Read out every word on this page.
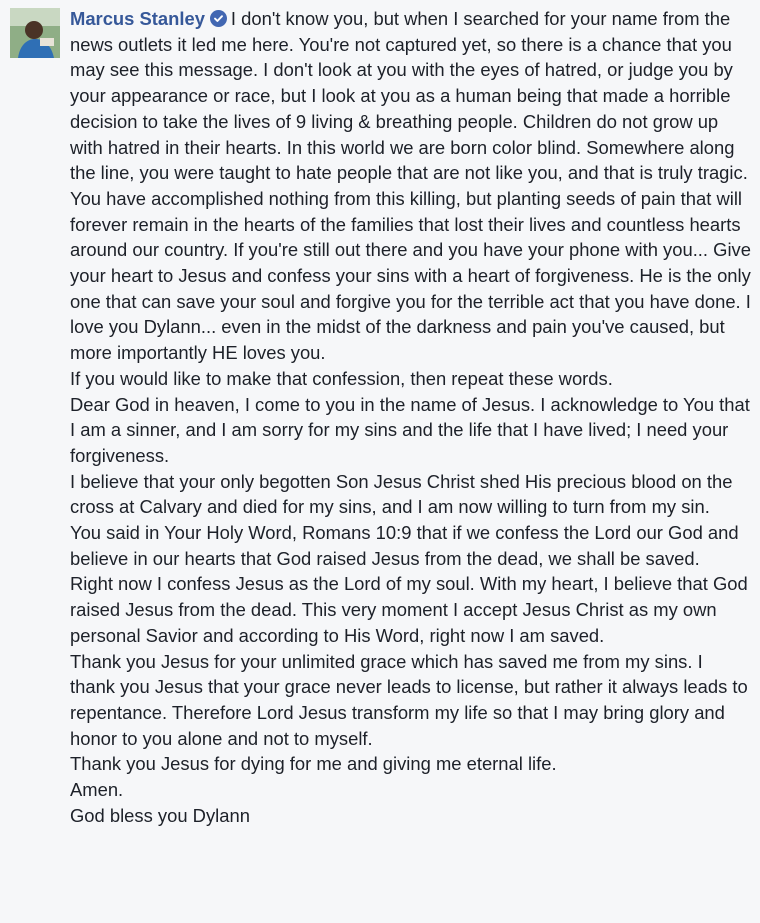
Marcus Stanley I don't know you, but when I searched for your name from the news outlets it led me here. You're not captured yet, so there is a chance that you may see this message. I don't look at you with the eyes of hatred, or judge you by your appearance or race, but I look at you as a human being that made a horrible decision to take the lives of 9 living & breathing people. Children do not grow up with hatred in their hearts. In this world we are born color blind. Somewhere along the line, you were taught to hate people that are not like you, and that is truly tragic. You have accomplished nothing from this killing, but planting seeds of pain that will forever remain in the hearts of the families that lost their lives and countless hearts around our country. If you're still out there and you have your phone with you... Give your heart to Jesus and confess your sins with a heart of forgiveness. He is the only one that can save your soul and forgive you for the terrible act that you have done. I love you Dylann... even in the midst of the darkness and pain you've caused, but more importantly HE loves you.
If you would like to make that confession, then repeat these words.
Dear God in heaven, I come to you in the name of Jesus. I acknowledge to You that I am a sinner, and I am sorry for my sins and the life that I have lived; I need your forgiveness.
I believe that your only begotten Son Jesus Christ shed His precious blood on the cross at Calvary and died for my sins, and I am now willing to turn from my sin.
You said in Your Holy Word, Romans 10:9 that if we confess the Lord our God and believe in our hearts that God raised Jesus from the dead, we shall be saved.
Right now I confess Jesus as the Lord of my soul. With my heart, I believe that God raised Jesus from the dead. This very moment I accept Jesus Christ as my own personal Savior and according to His Word, right now I am saved.
Thank you Jesus for your unlimited grace which has saved me from my sins. I thank you Jesus that your grace never leads to license, but rather it always leads to repentance. Therefore Lord Jesus transform my life so that I may bring glory and honor to you alone and not to myself.
Thank you Jesus for dying for me and giving me eternal life.
Amen.
God bless you Dylann
